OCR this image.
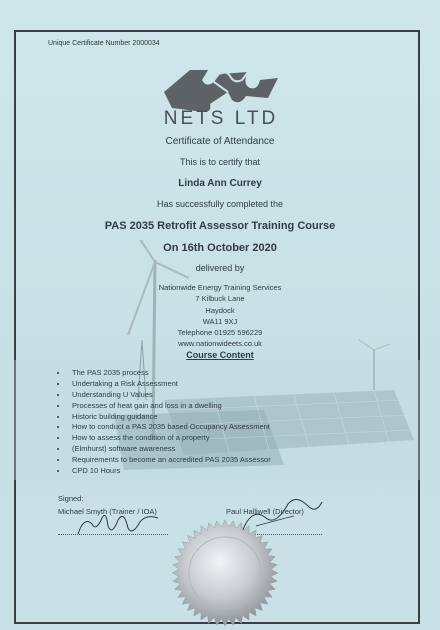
Unique Certificate Number 2000034
NETS LTD
Certificate of Attendance
This is to certify that
Linda Ann Currey
Has successfully completed the
PAS 2035 Retrofit Assessor Training Course
On 16th October 2020
delivered by
Nationwide Energy Training Services
7 Kilbuck Lane
Haydock
WA11 9XJ
Telephone 01925 596229
www.nationwideets.co.uk
Course Content
• The PAS 2035 process
• Undertaking a Risk Assessment
• Understanding U Values
• Processes of heat gain and loss in a dwelling
• Historic building guidance
• How to conduct a PAS 2035 based Occupancy Assessment
• How to assess the condition of a property
• (Elmhurst) software awareness
• Requirements to become an accredited PAS 2035 Assessor
• CPD 10 Hours
Signed:
Michael Smyth (Trainer / IOA)	Paul Halliwell (Director)
